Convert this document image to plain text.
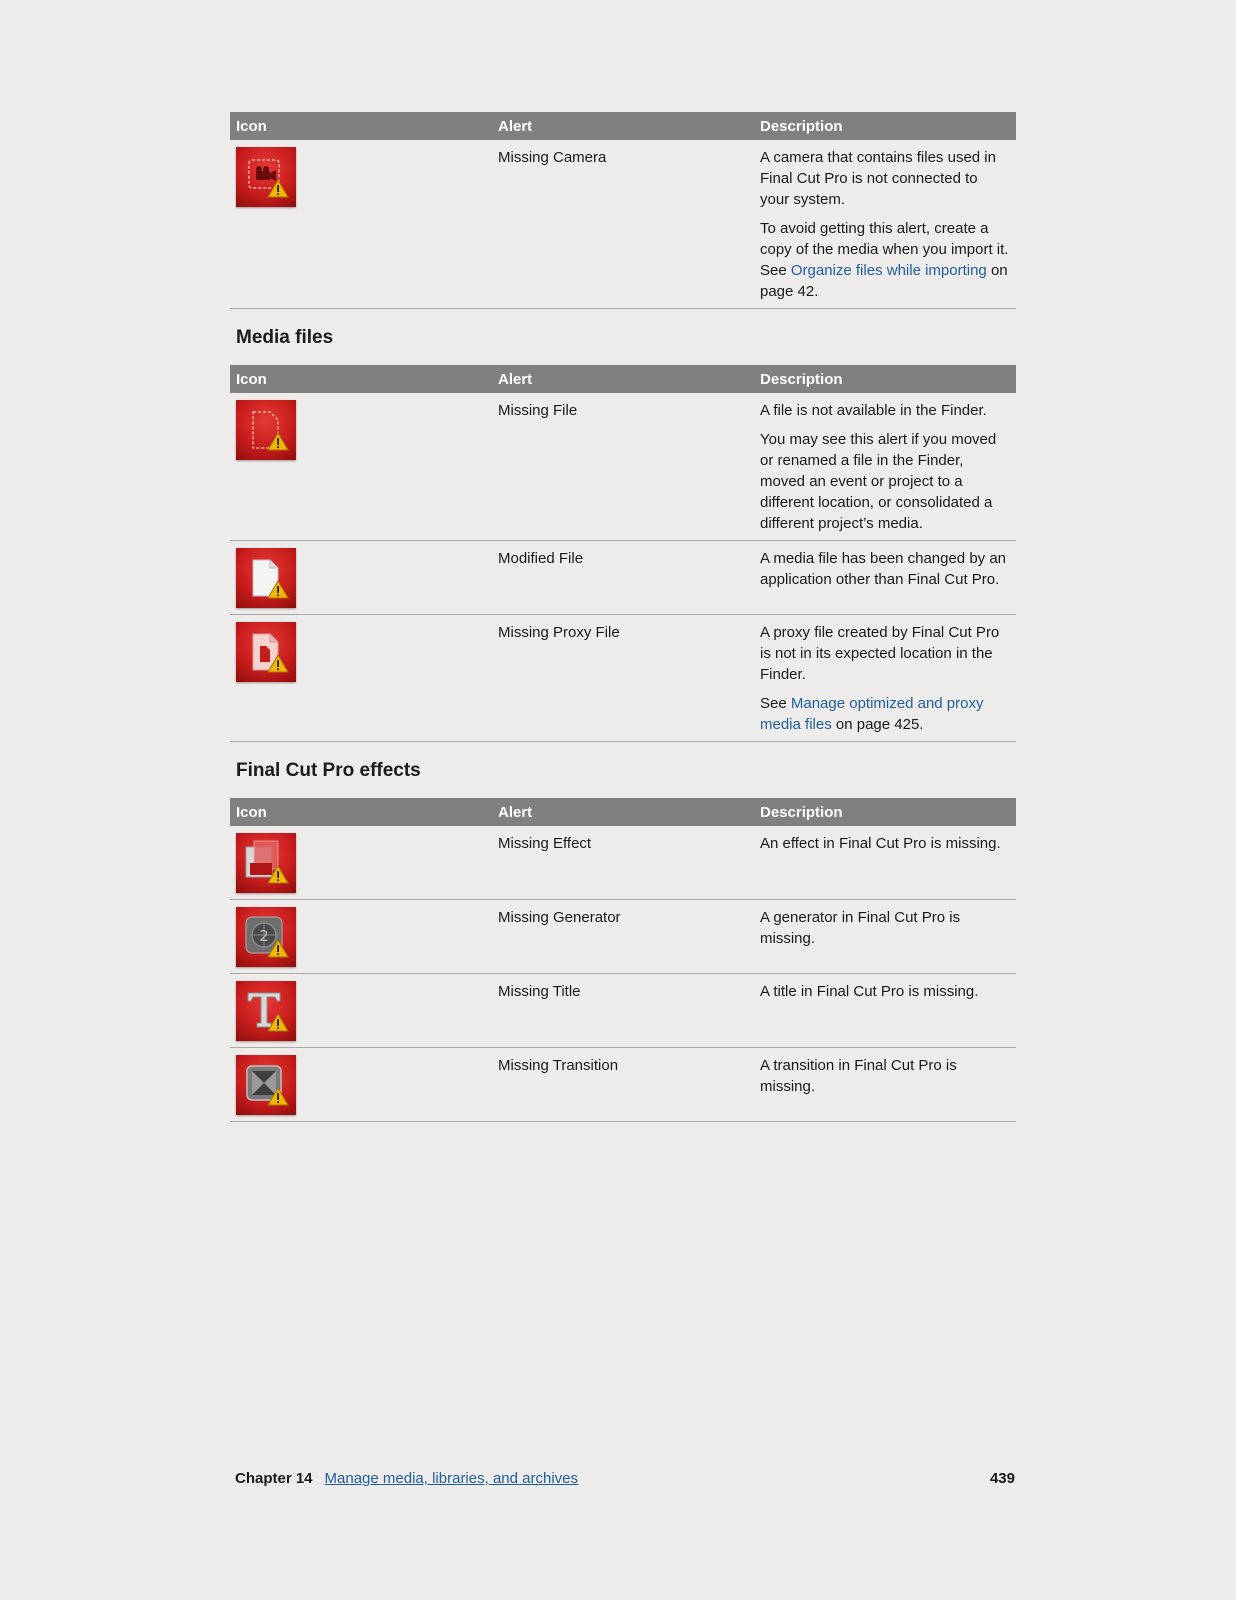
Icon	Alert	Description

	Missing Camera	A camera that contains files used in Final Cut Pro is not connected to your system.

To avoid getting this alert, create a copy of the media when you import it. See Organize files while importing on page 42.

Media files
Icon	Alert	Description

	Missing File	A file is not available in the Finder.

You may see this alert if you moved or renamed a file in the Finder, moved an event or project to a different location, or consolidated a different project’s media.

	Modified File	A media file has been changed by an application other than Final Cut Pro.

	Missing Proxy File	A proxy file created by Final Cut Pro is not in its expected location in the Finder.

See Manage optimized and proxy media files on page 425.

Final Cut Pro effects
Icon	Alert	Description

	Missing Effect	An effect in Final Cut Pro is missing.

2	Missing Generator	A generator in Final Cut Pro is missing.

	Missing Title	A title in Final Cut Pro is missing.

	Missing Transition	A transition in Final Cut Pro is missing.

Chapter 14 Manage media, libraries, and archives	439
